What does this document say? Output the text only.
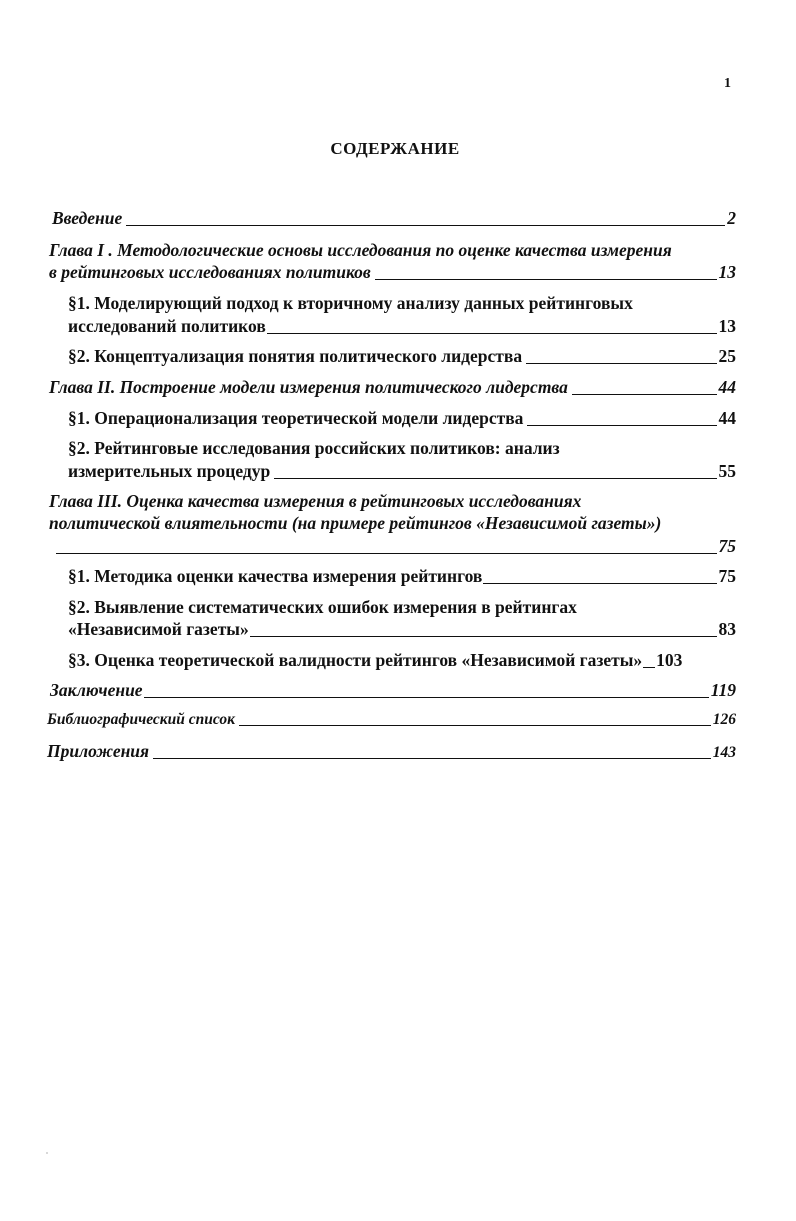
1
СОДЕРЖАНИЕ
Введение	2
Глава I . Методологические основы исследования по оценке качества измерения
в рейтинговых исследованиях политиков	13
§1. Моделирующий подход к вторичному анализу данных рейтинговых
исследований политиков	13
§2. Концептуализация понятия политического лидерства	25
Глава II. Построение модели измерения политического лидерства	44
§1. Операционализация теоретической модели лидерства	44
§2. Рейтинговые исследования российских политиков: анализ
измерительных процедур	55
Глава III. Оценка качества измерения в рейтинговых исследованиях
политической влиятельности (на примере рейтингов «Независимой газеты»)
75
§1. Методика оценки качества измерения рейтингов	75
§2. Выявление систематических ошибок измерения в рейтингах
«Независимой газеты»	83
§3. Оценка теоретической валидности рейтингов «Независимой газеты» 103
Заключение	119
Библиографический список	126
Приложения	143
